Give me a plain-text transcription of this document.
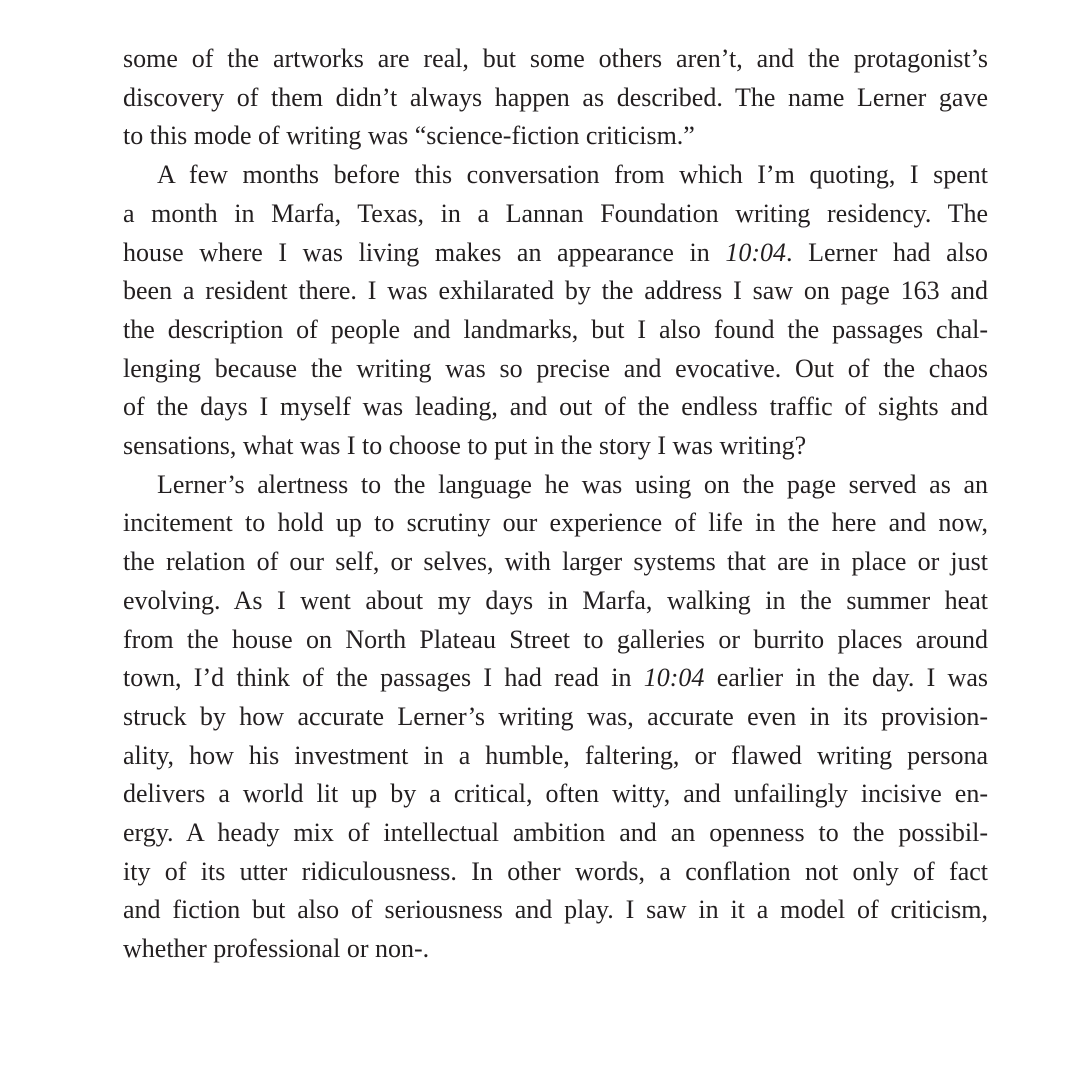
some of the artworks are real, but some others aren’t, and the protagonist’s
discovery of them didn’t always happen as described. The name Lerner gave
to this mode of writing was “science-fiction criticism.”

A few months before this conversation from which I’m quoting, I spent
a month in Marfa, Texas, in a Lannan Foundation writing residency. The
house where I was living makes an appearance in 10:04. Lerner had also
been a resident there. I was exhilarated by the address I saw on page 163 and
the description of people and landmarks, but I also found the passages chal-
lenging because the writing was so precise and evocative. Out of the chaos
of the days I myself was leading, and out of the endless traffic of sights and
sensations, what was I to choose to put in the story I was writing?

Lerner’s alertness to the language he was using on the page served as an
incitement to hold up to scrutiny our experience of life in the here and now,
the relation of our self, or selves, with larger systems that are in place or just
evolving. As I went about my days in Marfa, walking in the summer heat
from the house on North Plateau Street to galleries or burrito places around
town, I’d think of the passages I had read in 10:04 earlier in the day. I was
struck by how accurate Lerner’s writing was, accurate even in its provision-
ality, how his investment in a humble, faltering, or flawed writing persona
delivers a world lit up by a critical, often witty, and unfailingly incisive en-
ergy. A heady mix of intellectual ambition and an openness to the possibil-
ity of its utter ridiculousness. In other words, a conflation not only of fact
and fiction but also of seriousness and play. I saw in it a model of criticism,
whether professional or non-.
